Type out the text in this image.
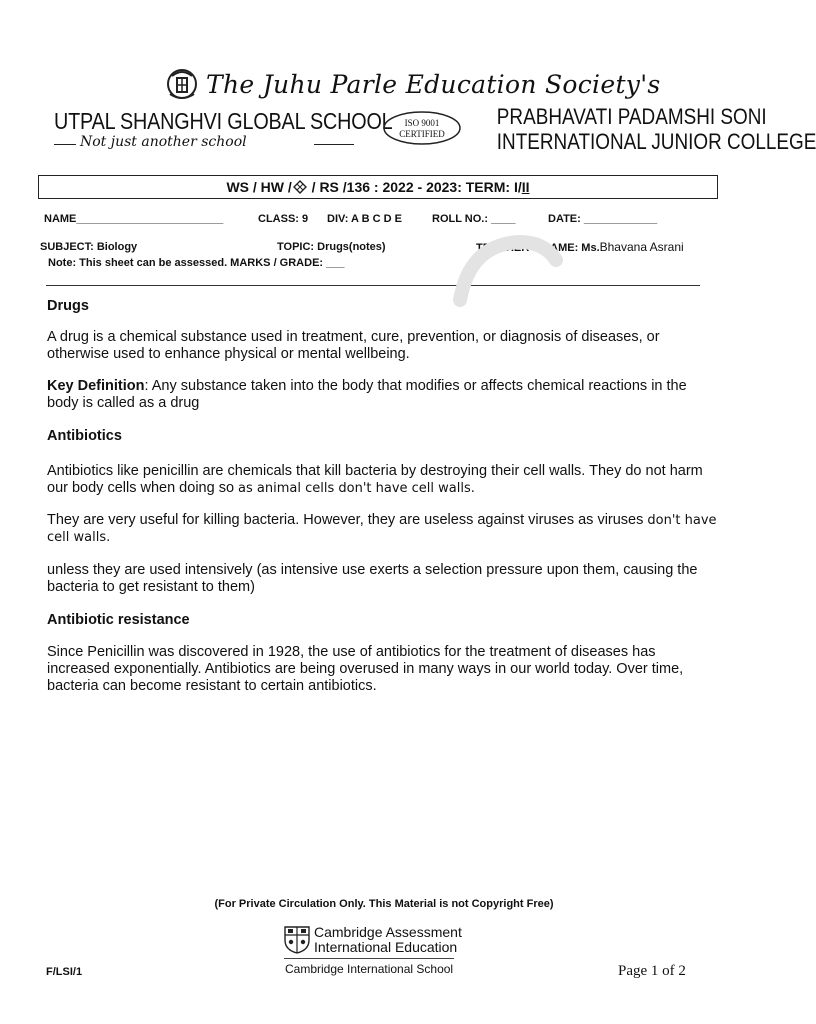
The Juhu Parle Education Society's
UTPAL SHANGHVI GLOBAL SCHOOL
Not just another school
ISO 9001
CERTIFIED
PRABHAVATI PADAMSHI SONI
INTERNATIONAL JUNIOR COLLEGE
WS / HW / / RS /136 : 2022 - 2023: TERM: I/II
NAME________________________	CLASS: 9 DIV: A B C D E	ROLL NO.: ____	DATE: ____________
SUBJECT: Biology	TOPIC: Drugs(notes)	TEACHER'S NAME: Ms.Bhavana Asrani
Note: This sheet can be assessed. MARKS / GRADE: ___
Drugs

A drug is a chemical substance used in treatment, cure, prevention, or diagnosis of diseases, or otherwise used to enhance physical or mental wellbeing.

Key Definition: Any substance taken into the body that modifies or affects chemical reactions in the body is called as a drug

Antibiotics

Antibiotics like penicillin are chemicals that kill bacteria by destroying their cell walls. They do not harm our body cells when doing so as animal cells don't have cell walls.

They are very useful for killing bacteria. However, they are useless against viruses as viruses don't have cell walls.

unless they are used intensively (as intensive use exerts a selection pressure upon them, causing the bacteria to get resistant to them)

Antibiotic resistance

Since Penicillin was discovered in 1928, the use of antibiotics for the treatment of diseases has increased exponentially. Antibiotics are being overused in many ways in our world today. Over time, bacteria can become resistant to certain antibiotics.

(For Private Circulation Only. This Material is not Copyright Free)
Cambridge Assessment
International Education
Cambridge International School
F/LSI/1	Page 1 of 2
